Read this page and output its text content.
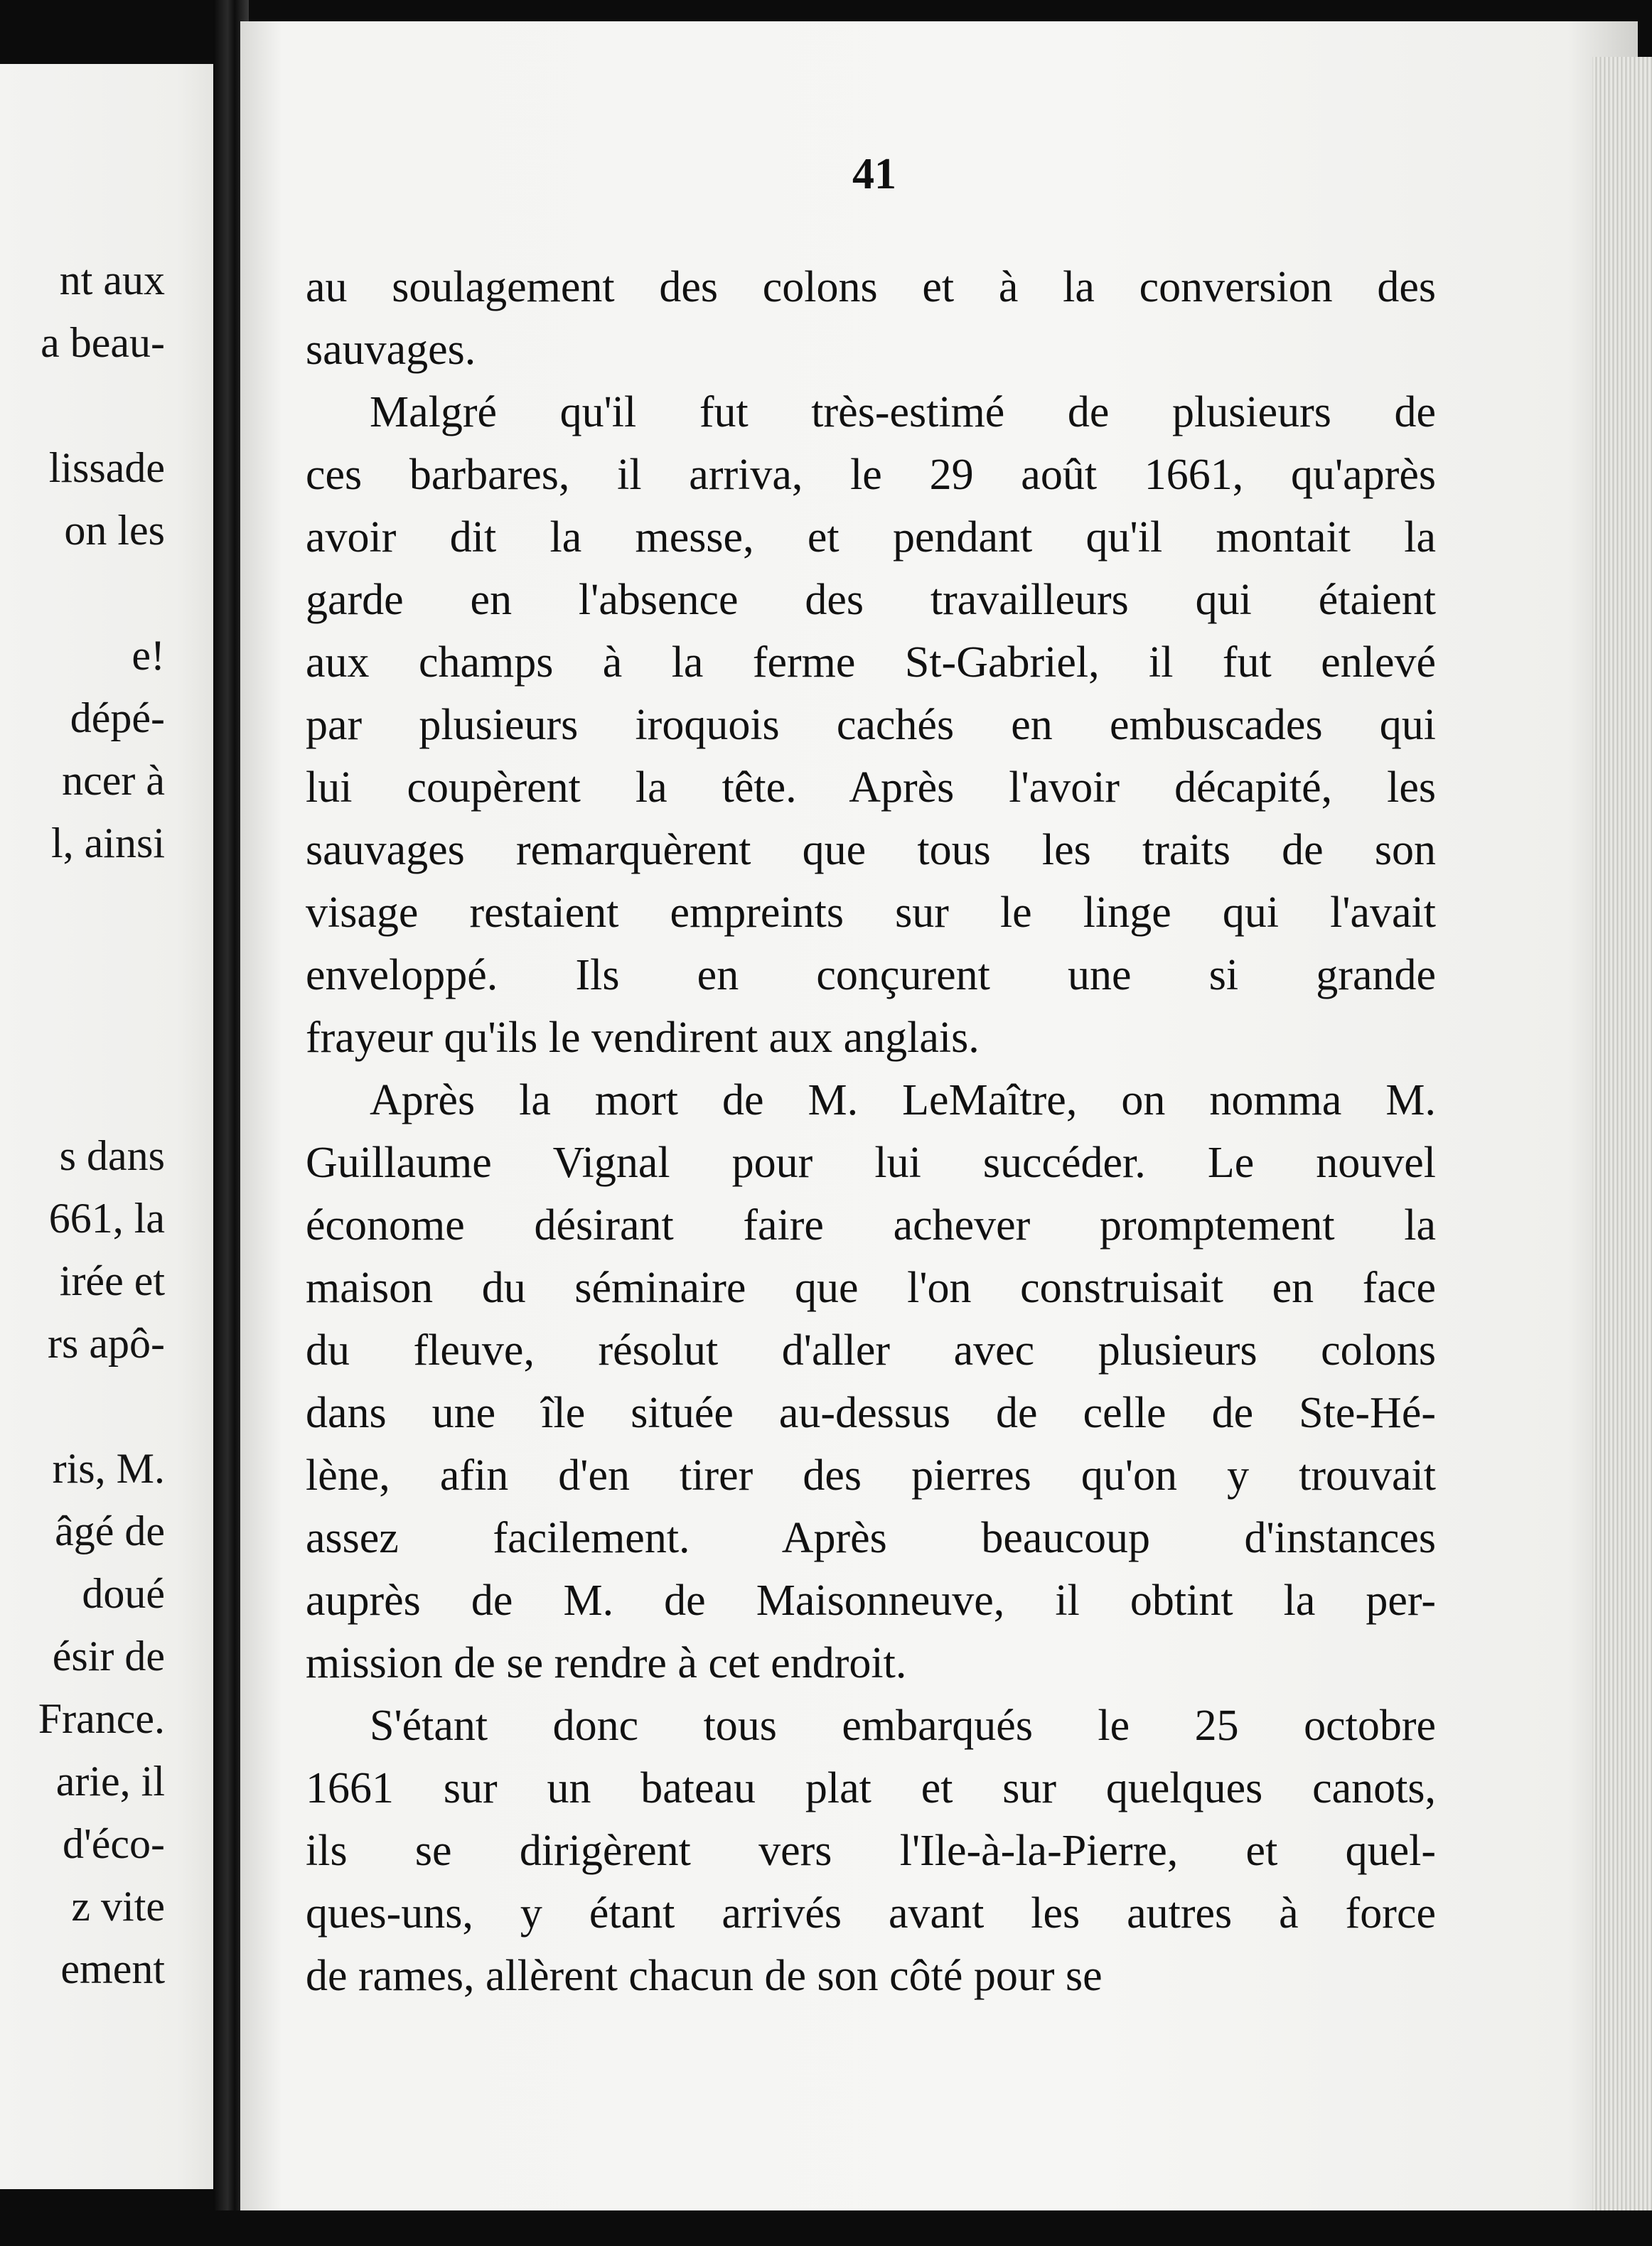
nt aux
a beau-
lissade
on les
e!
dépé-
ncer à
l, ainsi
s dans
661, la
irée et
rs apô-
ris, M.
âgé de
doué
ésir de
France.
arie, il
d'éco-
z vite
ement
41
au soulagement des colons et à la conversion des
sauvages.
Malgré qu'il fut très-estimé de plusieurs de
ces barbares, il arriva, le 29 août 1661, qu'après
avoir dit la messe, et pendant qu'il montait la
garde en l'absence des travailleurs qui étaient
aux champs à la ferme St-Gabriel, il fut enlevé
par plusieurs iroquois cachés en embuscades qui
lui coupèrent la tête. Après l'avoir décapité, les
sauvages remarquèrent que tous les traits de son
visage restaient empreints sur le linge qui l'avait
enveloppé. Ils en conçurent une si grande
frayeur qu'ils le vendirent aux anglais.
Après la mort de M. LeMaître, on nomma M.
Guillaume Vignal pour lui succéder. Le nouvel
économe désirant faire achever promptement la
maison du séminaire que l'on construisait en face
du fleuve, résolut d'aller avec plusieurs colons
dans une île située au-dessus de celle de Ste-Hé-
lène, afin d'en tirer des pierres qu'on y trouvait
assez facilement. Après beaucoup d'instances
auprès de M. de Maisonneuve, il obtint la per-
mission de se rendre à cet endroit.
S'étant donc tous embarqués le 25 octobre
1661 sur un bateau plat et sur quelques canots,
ils se dirigèrent vers l'Ile-à-la-Pierre, et quel-
ques-uns, y étant arrivés avant les autres à force
de rames, allèrent chacun de son côté pour se
